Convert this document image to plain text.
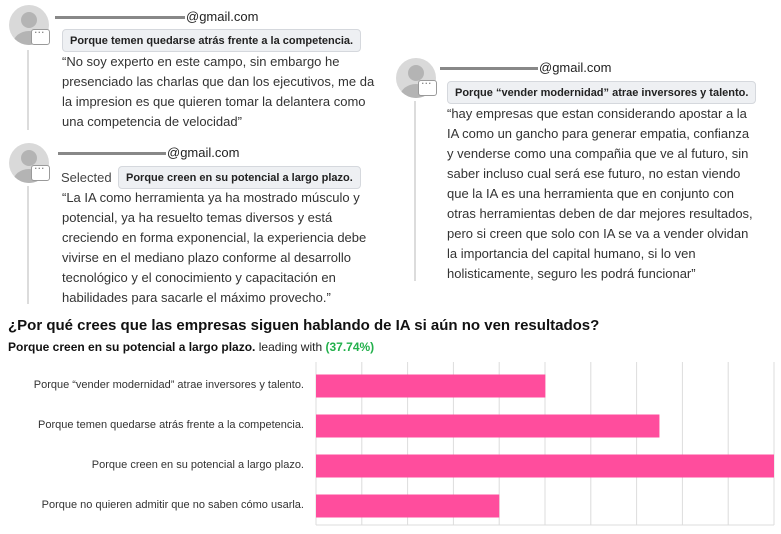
···
@gmail.com
Porque temen quedarse atrás frente a la competencia.
“No soy experto en este campo, sin embargo he
presenciado las charlas que dan los ejecutivos, me da
la impresion es que quieren tomar la delantera como
una competencia de velocidad”
···
@gmail.com
Selected	Porque creen en su potencial a largo plazo.
“La IA como herramienta ya ha mostrado músculo y
potencial, ya ha resuelto temas diversos y está
creciendo en forma exponencial, la experiencia debe
vivirse en el mediano plazo conforme al desarrollo
tecnológico y el conocimiento y capacitación en
habilidades para sacarle el máximo provecho.”
···
@gmail.com
Porque “vender modernidad” atrae inversores y talento.
“hay empresas que estan considerando apostar a la
IA como un gancho para generar empatia, confianza
y venderse como una compañia que ve al futuro, sin
saber incluso cual será ese futuro, no estan viendo
que la IA es una herramienta que en conjunto con
otras herramientas deben de dar mejores resultados,
pero si creen que solo con IA se va a vender olvidan
la importancia del capital humano, si lo ven
holisticamente, seguro les podrá funcionar”
¿Por qué crees que las empresas siguen hablando de IA si aún no ven resultados?
Porque creen en su potencial a largo plazo. leading with (37.74%)
Porque “vender modernidad” atrae inversores y talento.
Porque temen quedarse atrás frente a la competencia.
Porque creen en su potencial a largo plazo.
Porque no quieren admitir que no saben cómo usarla.
